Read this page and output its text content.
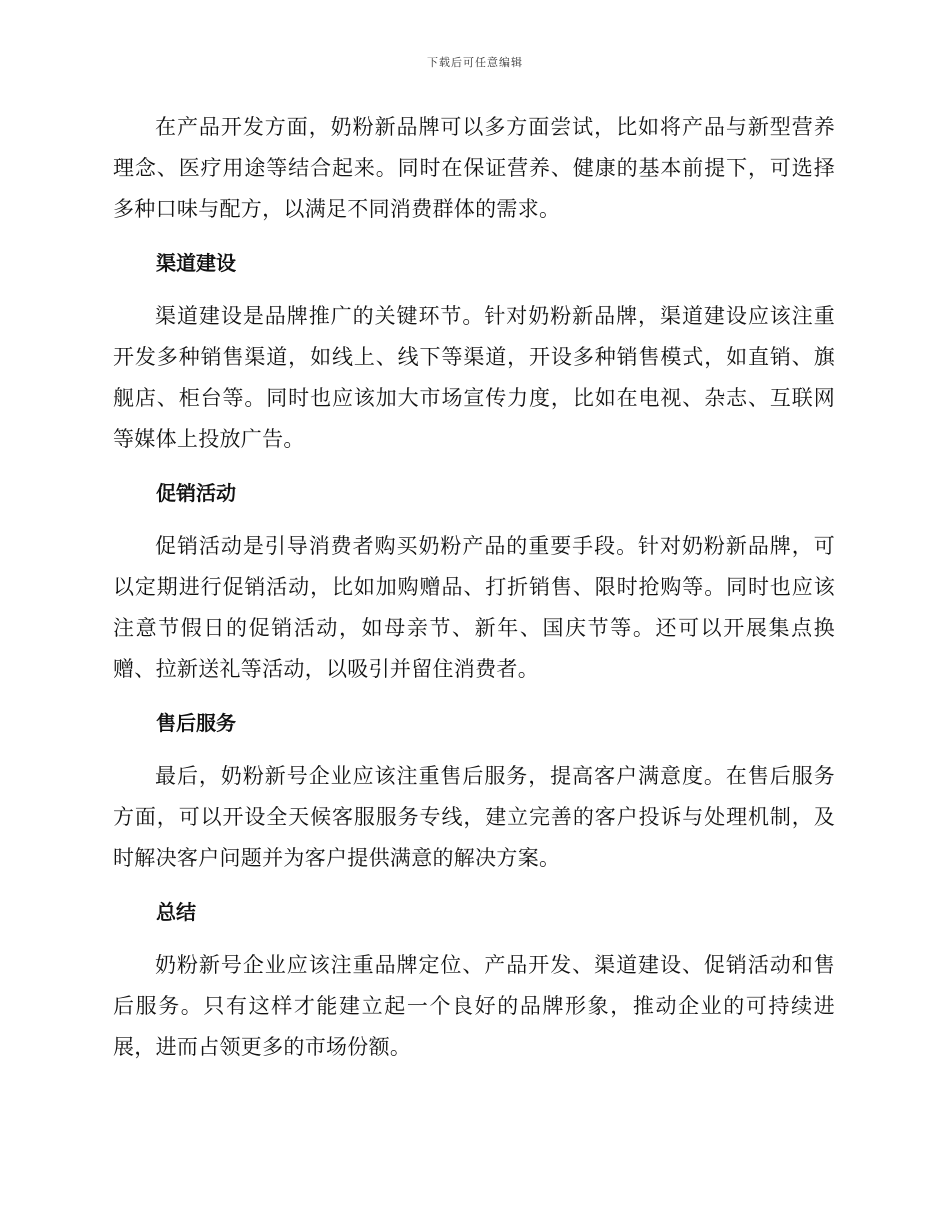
下载后可任意编辑

在产品开发方面，奶粉新品牌可以多方面尝试，比如将产品与新型营养理念、医疗用途等结合起来。同时在保证营养、健康的基本前提下，可选择多种口味与配方，以满足不同消费群体的需求。

渠道建设

渠道建设是品牌推广的关键环节。针对奶粉新品牌，渠道建设应该注重开发多种销售渠道，如线上、线下等渠道，开设多种销售模式，如直销、旗舰店、柜台等。同时也应该加大市场宣传力度，比如在电视、杂志、互联网等媒体上投放广告。

促销活动

促销活动是引导消费者购买奶粉产品的重要手段。针对奶粉新品牌，可以定期进行促销活动，比如加购赠品、打折销售、限时抢购等。同时也应该注意节假日的促销活动，如母亲节、新年、国庆节等。还可以开展集点换赠、拉新送礼等活动，以吸引并留住消费者。

售后服务

最后，奶粉新号企业应该注重售后服务，提高客户满意度。在售后服务方面，可以开设全天候客服服务专线，建立完善的客户投诉与处理机制，及时解决客户问题并为客户提供满意的解决方案。

总结

奶粉新号企业应该注重品牌定位、产品开发、渠道建设、促销活动和售后服务。只有这样才能建立起一个良好的品牌形象，推动企业的可持续进展，进而占领更多的市场份额。
